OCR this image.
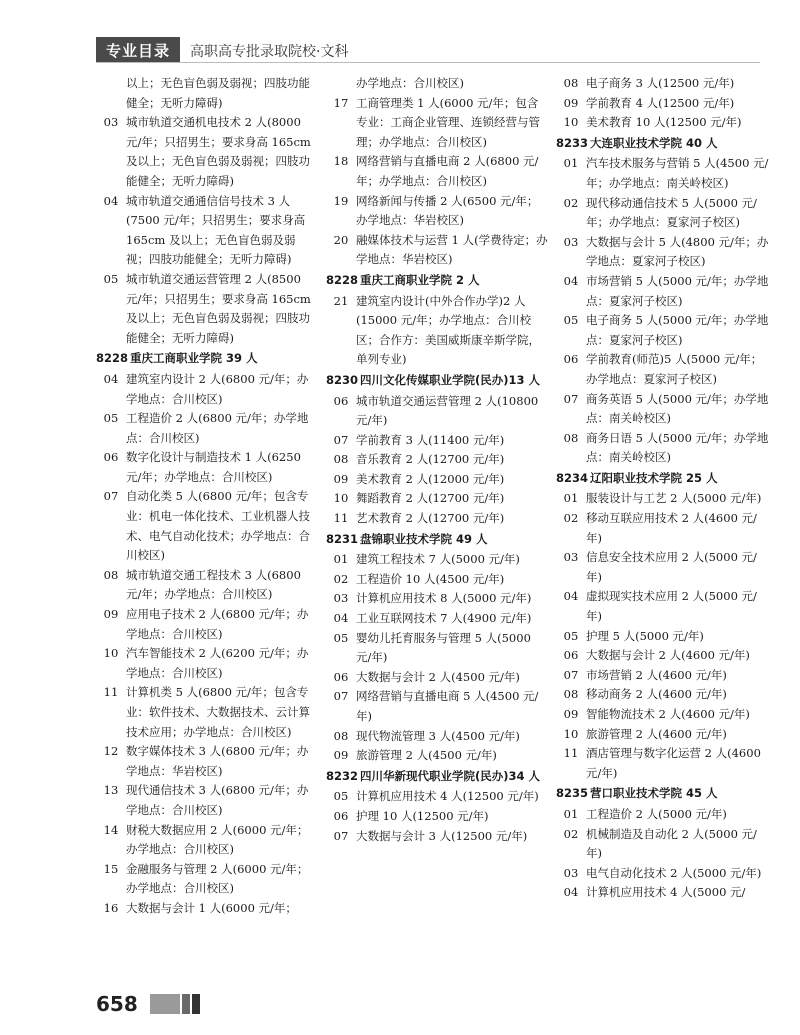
专业目录	高职高专批录取院校·文科
以上；无色盲色弱及弱视；四肢功能健全；无听力障碍)
03 城市轨道交通机电技术 2 人(8000 元/年；只招男生；要求身高 165cm 及以上；无色盲色弱及弱视；四肢功能健全；无听力障碍)
04 城市轨道交通通信信号技术 3 人(7500 元/年；只招男生；要求身高 165cm 及以上；无色盲色弱及弱视；四肢功能健全；无听力障碍)
05 城市轨道交通运营管理 2 人(8500 元/年；只招男生；要求身高 165cm 及以上；无色盲色弱及弱视；四肢功能健全；无听力障碍)
8228 重庆工商职业学院 39 人
04 建筑室内设计 2 人(6800 元/年；办学地点：合川校区)
05 工程造价 2 人(6800 元/年；办学地点：合川校区)
06 数字化设计与制造技术 1 人(6250 元/年；办学地点：合川校区)
07 自动化类 5 人(6800 元/年；包含专业：机电一体化技术、工业机器人技术、电气自动化技术；办学地点：合川校区)
08 城市轨道交通工程技术 3 人(6800 元/年；办学地点：合川校区)
09 应用电子技术 2 人(6800 元/年；办学地点：合川校区)
10 汽车智能技术 2 人(6200 元/年；办学地点：合川校区)
11 计算机类 5 人(6800 元/年；包含专业：软件技术、大数据技术、云计算技术应用；办学地点：合川校区)
12 数字媒体技术 3 人(6800 元/年；办学地点：华岩校区)
13 现代通信技术 3 人(6800 元/年；办学地点：合川校区)
14 财税大数据应用 2 人(6000 元/年；办学地点：合川校区)
15 金融服务与管理 2 人(6000 元/年；办学地点：合川校区)
16 大数据与会计 1 人(6000 元/年；
办学地点：合川校区)
17 工商管理类 1 人(6000 元/年；包含专业：工商企业管理、连锁经营与管理；办学地点：合川校区)
18 网络营销与直播电商 2 人(6800 元/年；办学地点：合川校区)
19 网络新闻与传播 2 人(6500 元/年；办学地点：华岩校区)
20 融媒体技术与运营 1 人(学费待定；办学地点：华岩校区)
8228 重庆工商职业学院 2 人
21 建筑室内设计(中外合作办学)2 人(15000 元/年；办学地点：合川校区；合作方：美国威斯康辛斯学院，单列专业)
8230 四川文化传媒职业学院(民办)13 人
06 城市轨道交通运营管理 2 人(10800 元/年)
07 学前教育 3 人(11400 元/年)
08 音乐教育 2 人(12700 元/年)
09 美术教育 2 人(12000 元/年)
10 舞蹈教育 2 人(12700 元/年)
11 艺术教育 2 人(12700 元/年)
8231 盘锦职业技术学院 49 人
01 建筑工程技术 7 人(5000 元/年)
02 工程造价 10 人(4500 元/年)
03 计算机应用技术 8 人(5000 元/年)
04 工业互联网技术 7 人(4900 元/年)
05 婴幼儿托育服务与管理 5 人(5000 元/年)
06 大数据与会计 2 人(4500 元/年)
07 网络营销与直播电商 5 人(4500 元/年)
08 现代物流管理 3 人(4500 元/年)
09 旅游管理 2 人(4500 元/年)
8232 四川华新现代职业学院(民办)34 人
05 计算机应用技术 4 人(12500 元/年)
06 护理 10 人(12500 元/年)
07 大数据与会计 3 人(12500 元/年)
08 电子商务 3 人(12500 元/年)
09 学前教育 4 人(12500 元/年)
10 美术教育 10 人(12500 元/年)
8233 大连职业技术学院 40 人
01 汽车技术服务与营销 5 人(4500 元/年；办学地点：南关岭校区)
02 现代移动通信技术 5 人(5000 元/年；办学地点：夏家河子校区)
03 大数据与会计 5 人(4800 元/年；办学地点：夏家河子校区)
04 市场营销 5 人(5000 元/年；办学地点：夏家河子校区)
05 电子商务 5 人(5000 元/年；办学地点：夏家河子校区)
06 学前教育(师范)5 人(5000 元/年；办学地点：夏家河子校区)
07 商务英语 5 人(5000 元/年；办学地点：南关岭校区)
08 商务日语 5 人(5000 元/年；办学地点：南关岭校区)
8234 辽阳职业技术学院 25 人
01 服装设计与工艺 2 人(5000 元/年)
02 移动互联应用技术 2 人(4600 元/年)
03 信息安全技术应用 2 人(5000 元/年)
04 虚拟现实技术应用 2 人(5000 元/年)
05 护理 5 人(5000 元/年)
06 大数据与会计 2 人(4600 元/年)
07 市场营销 2 人(4600 元/年)
08 移动商务 2 人(4600 元/年)
09 智能物流技术 2 人(4600 元/年)
10 旅游管理 2 人(4600 元/年)
11 酒店管理与数字化运营 2 人(4600 元/年)
8235 营口职业技术学院 45 人
01 工程造价 2 人(5000 元/年)
02 机械制造及自动化 2 人(5000 元/年)
03 电气自动化技术 2 人(5000 元/年)
04 计算机应用技术 4 人(5000 元/
658
